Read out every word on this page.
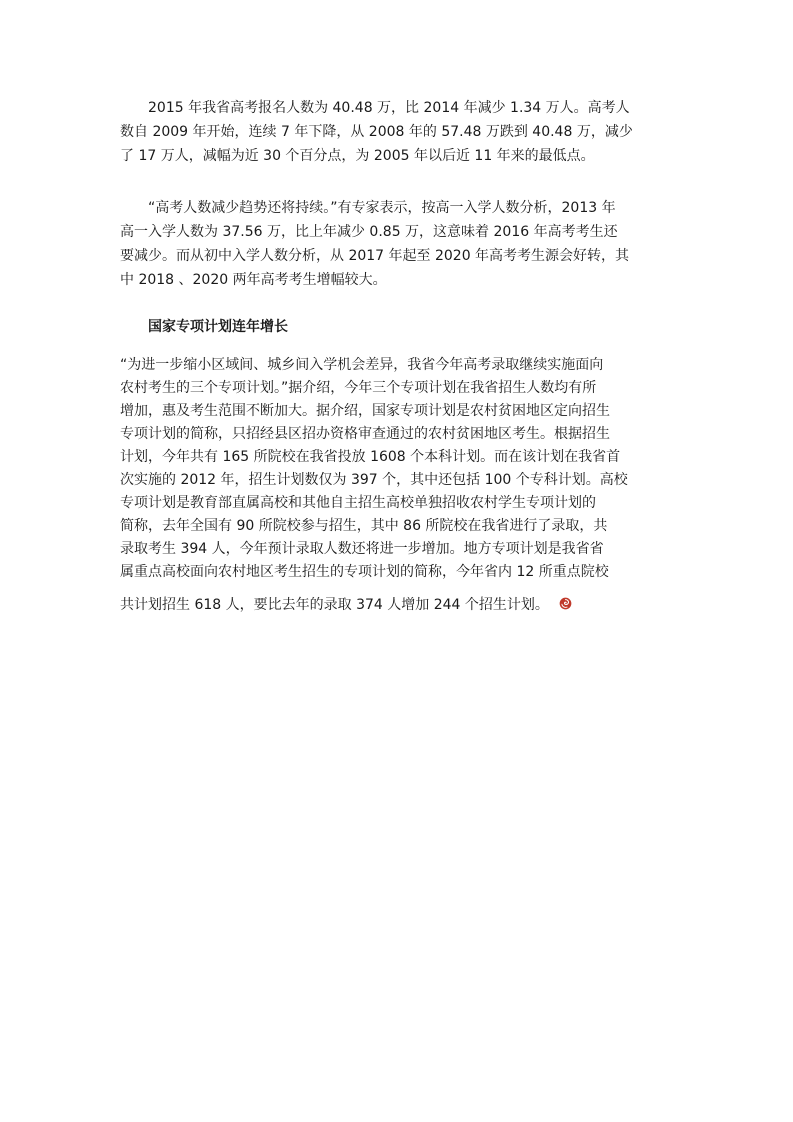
2015 年我省高考报名人数为 40.48 万，比 2014 年减少 1.34 万人。高考人
数自 2009 年开始，连续 7 年下降，从 2008 年的 57.48 万跌到 40.48 万，减少
了 17 万人，减幅为近 30 个百分点，为 2005 年以后近 11 年来的最低点。
“高考人数减少趋势还将持续。”有专家表示，按高一入学人数分析，2013 年
高一入学人数为 37.56 万，比上年减少 0.85 万，这意味着 2016 年高考考生还
要减少。而从初中入学人数分析，从 2017 年起至 2020 年高考考生源会好转，其
中 2018 、2020 两年高考考生增幅较大。
国家专项计划连年增长
“为进一步缩小区域间、城乡间入学机会差异，我省今年高考录取继续实施面向
农村考生的三个专项计划。”据介绍，今年三个专项计划在我省招生人数均有所
增加，惠及考生范围不断加大。据介绍，国家专项计划是农村贫困地区定向招生
专项计划的简称，只招经县区招办资格审查通过的农村贫困地区考生。根据招生
计划，今年共有 165 所院校在我省投放 1608 个本科计划。而在该计划在我省首
次实施的 2012 年，招生计划数仅为 397 个，其中还包括 100 个专科计划。高校
专项计划是教育部直属高校和其他自主招生高校单独招收农村学生专项计划的
简称，去年全国有 90 所院校参与招生，其中 86 所院校在我省进行了录取，共
录取考生 394 人，今年预计录取人数还将进一步增加。地方专项计划是我省省
属重点高校面向农村地区考生招生的专项计划的简称，今年省内 12 所重点院校
共计划招生 618 人，要比去年的录取 374 人增加 244 个招生计划。
